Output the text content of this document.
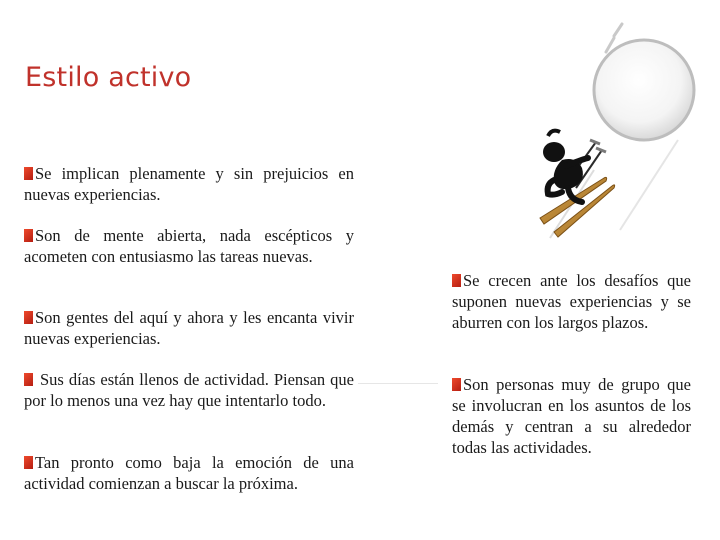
Estilo activo
Se implican plenamente y sin prejuicios en nuevas experiencias.
Son de mente abierta, nada escépticos y acometen con entusiasmo las tareas nuevas.
Son gentes del aquí y ahora y les encanta vivir nuevas experiencias.
Sus días están llenos de actividad. Piensan que por lo menos una vez hay que intentarlo todo.
Tan pronto como baja la emoción de una actividad comienzan a buscar la próxima.
Se crecen ante los desafíos que suponen nuevas experiencias y se aburren con los largos plazos.
Son personas muy de grupo que se involucran en los asuntos de los demás y centran a su alrededor todas las actividades.
